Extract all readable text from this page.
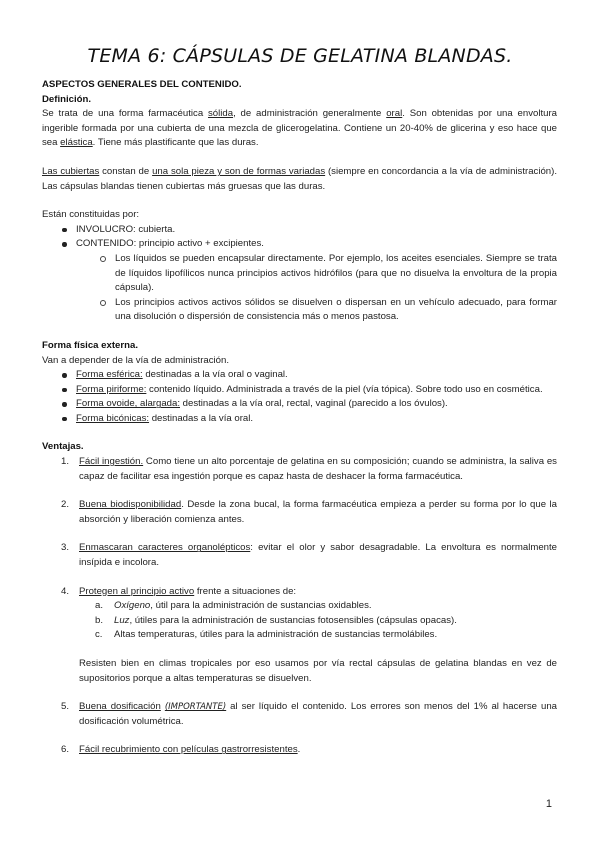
TEMA 6: CÁPSULAS DE GELATINA BLANDAS.

ASPECTOS GENERALES DEL CONTENIDO.

Definición.

Se trata de una forma farmacéutica sólida, de administración generalmente oral. Son obtenidas por una envoltura ingerible formada por una cubierta de una mezcla de glicerogelatina. Contiene un 20-40% de glicerina y eso hace que sea elástica. Tiene más plastificante que las duras.

Las cubiertas constan de una sola pieza y son de formas variadas (siempre en concordancia a la vía de administración). Las cápsulas blandas tienen cubiertas más gruesas que las duras.

Están constituidas por:

INVOLUCRO: cubierta.
CONTENIDO: principio activo + excipientes.
Los líquidos se pueden encapsular directamente. Por ejemplo, los aceites esenciales. Siempre se trata de líquidos lipofílicos nunca principios activos hidrófilos (para que no disuelva la envoltura de la propia cápsula).
Los principios activos activos sólidos se disuelven o dispersan en un vehículo adecuado, para formar una disolución o dispersión de consistencia más o menos pastosa.

Forma física externa.

Van a depender de la vía de administración.

Forma esférica: destinadas a la vía oral o vaginal.
Forma piriforme: contenido líquido. Administrada a través de la piel (vía tópica). Sobre todo uso en cosmética.
Forma ovoide, alargada: destinadas a la vía oral, rectal, vaginal (parecido a los óvulos).
Forma bicónicas: destinadas a la vía oral.

Ventajas.

1. Fácil ingestión. Como tiene un alto porcentaje de gelatina en su composición; cuando se administra, la saliva es capaz de facilitar esa ingestión porque es capaz hasta de deshacer la forma farmacéutica.
2. Buena biodisponibilidad. Desde la zona bucal, la forma farmacéutica empieza a perder su forma por lo que la absorción y liberación comienza antes.
3. Enmascaran caracteres organolépticos: evitar el olor y sabor desagradable. La envoltura es normalmente insípida e incolora.
4. Protegen al principio activo frente a situaciones de:
a. Oxígeno, útil para la administración de sustancias oxidables.
b. Luz, útiles para la administración de sustancias fotosensibles (cápsulas opacas).
c. Altas temperaturas, útiles para la administración de sustancias termolábiles.
Resisten bien en climas tropicales por eso usamos por vía rectal cápsulas de gelatina blandas en vez de supositorios porque a altas temperaturas se disuelven.
5. Buena dosificación (IMPORTANTE) al ser líquido el contenido. Los errores son menos del 1% al hacerse una dosificación volumétrica.
6. Fácil recubrimiento con películas gastrorresistentes.
1
